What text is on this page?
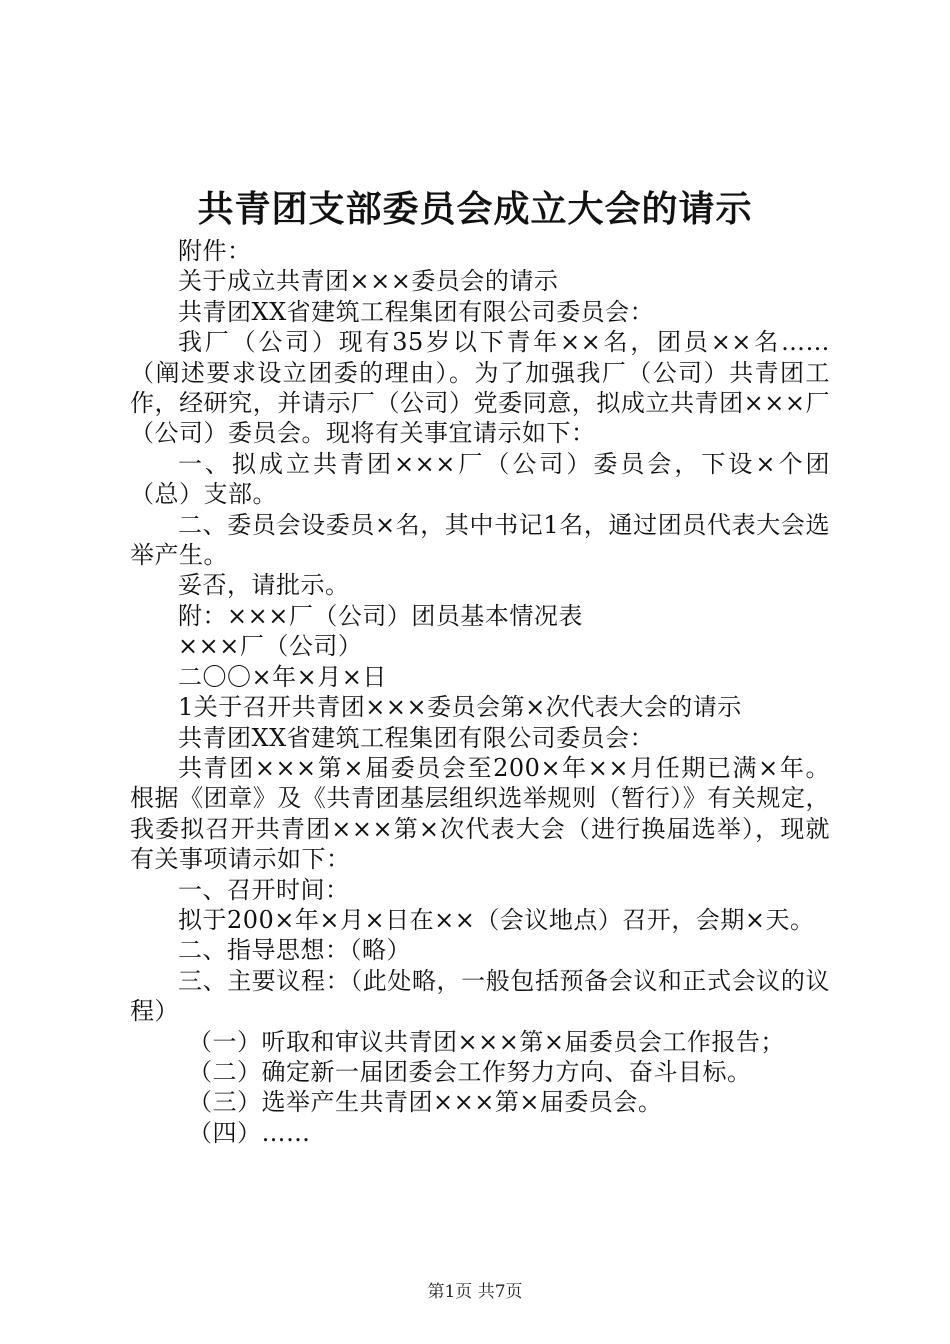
共青团支部委员会成立大会的请示

附件：

关于成立共青团×××委员会的请示

共青团XX省建筑工程集团有限公司委员会：

我厂（公司）现有35岁以下青年××名，团员××名……（阐述要求设立团委的理由）。为了加强我厂（公司）共青团工作，经研究，并请示厂（公司）党委同意，拟成立共青团×××厂（公司）委员会。现将有关事宜请示如下：

一、拟成立共青团×××厂（公司）委员会，下设×个团（总）支部。

二、委员会设委员×名，其中书记1名，通过团员代表大会选举产生。

妥否，请批示。

附：×××厂（公司）团员基本情况表

×××厂（公司）

二〇〇×年×月×日

1关于召开共青团×××委员会第×次代表大会的请示

共青团XX省建筑工程集团有限公司委员会：

共青团×××第×届委员会至200×年××月任期已满×年。根据《团章》及《共青团基层组织选举规则（暂行）》有关规定，我委拟召开共青团×××第×次代表大会（进行换届选举），现就有关事项请示如下：

一、召开时间：

拟于200×年×月×日在××（会议地点）召开，会期×天。

二、指导思想：（略）

三、主要议程：（此处略，一般包括预备会议和正式会议的议程）

（一）听取和审议共青团×××第×届委员会工作报告；

（二）确定新一届团委会工作努力方向、奋斗目标。

（三）选举产生共青团×××第×届委员会。

（四）……

第1页 共7页
